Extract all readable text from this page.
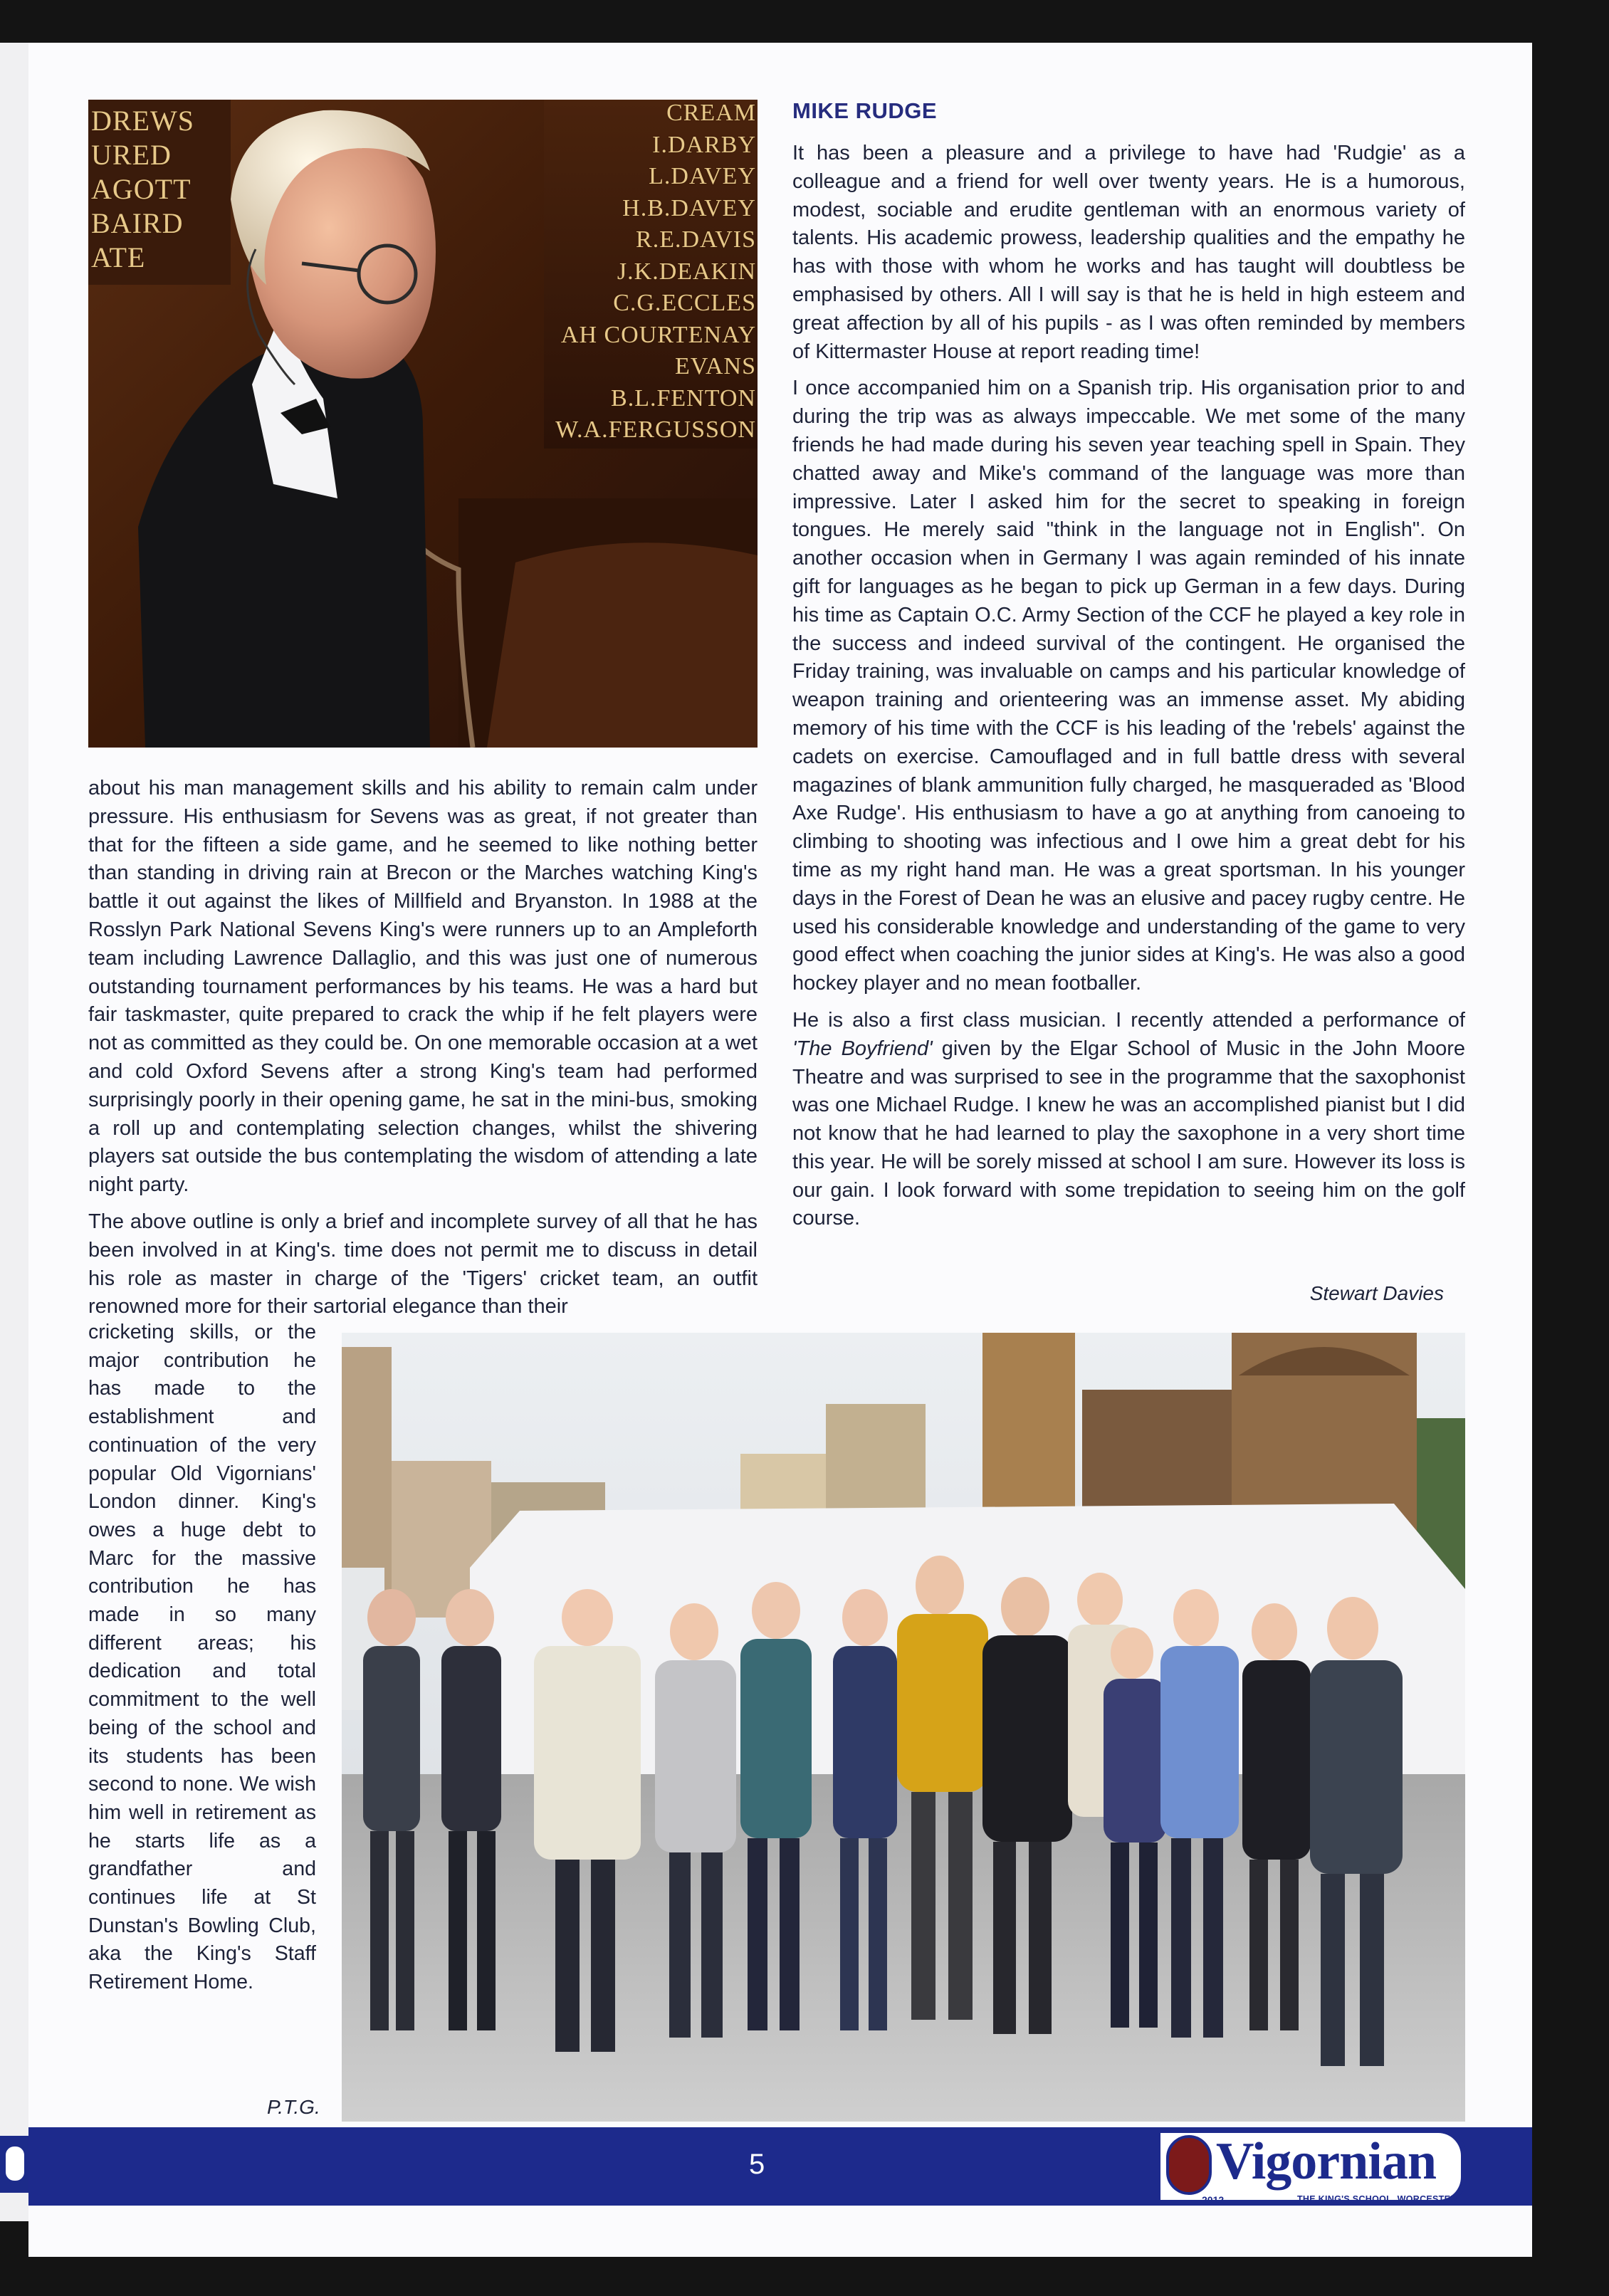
DREWS
URED
AGOTT
BAIRD
ATE
CREAM
I.DARBY
L.DAVEY
H.B.DAVEY
R.E.DAVIS
J.K.DEAKIN
C.G.ECCLES
AH COURTENAY
EVANS
B.L.FENTON
W.A.FERGUSSON
MIKE RUDGE

It has been a pleasure and a privilege to have had 'Rudgie' as a colleague and a friend for well over twenty years. He is a humorous, modest, sociable and erudite gentleman with an enormous variety of talents. His academic prowess, leadership qualities and the empathy he has with those with whom he works and has taught will doubtless be emphasised by others. All I will say is that he is held in high esteem and great affection by all of his pupils - as I was often reminded by members of Kittermaster House at report reading time!

I once accompanied him on a Spanish trip. His organisation prior to and during the trip was as always impeccable. We met some of the many friends he had made during his seven year teaching spell in Spain. They chatted away and Mike's command of the language was more than impressive. Later I asked him for the secret to speaking in foreign tongues. He merely said "think in the language not in English". On another occasion when in Germany I was again reminded of his innate gift for languages as he began to pick up German in a few days. During his time as Captain O.C. Army Section of the CCF he played a key role in the success and indeed survival of the contingent. He organised the Friday training, was invaluable on camps and his particular knowledge of weapon training and orienteering was an immense asset. My abiding memory of his time with the CCF is his leading of the 'rebels' against the cadets on exercise. Camouflaged and in full battle dress with several magazines of blank ammunition fully charged, he masqueraded as 'Blood Axe Rudge'. His enthusiasm to have a go at anything from canoeing to climbing to shooting was infectious and I owe him a great debt for his time as my right hand man. He was a great sportsman. In his younger days in the Forest of Dean he was an elusive and pacey rugby centre. He used his considerable knowledge and understanding of the game to very good effect when coaching the junior sides at King's. He was also a good hockey player and no mean footballer.

He is also a first class musician. I recently attended a performance of 'The Boyfriend' given by the Elgar School of Music in the John Moore Theatre and was surprised to see in the programme that the saxophonist was one Michael Rudge. I knew he was an accomplished pianist but I did not know that he had learned to play the saxophone in a very short time this year. He will be sorely missed at school I am sure. However its loss is our gain. I look forward with some trepidation to seeing him on the golf course.

Stewart Davies

about his man management skills and his ability to remain calm under pressure. His enthusiasm for Sevens was as great, if not greater than that for the fifteen a side game, and he seemed to like nothing better than standing in driving rain at Brecon or the Marches watching King's battle it out against the likes of Millfield and Bryanston. In 1988 at the Rosslyn Park National Sevens King's were runners up to an Ampleforth team including Lawrence Dallaglio, and this was just one of numerous outstanding tournament performances by his teams. He was a hard but fair taskmaster, quite prepared to crack the whip if he felt players were not as committed as they could be. On one memorable occasion at a wet and cold Oxford Sevens after a strong King's team had performed surprisingly poorly in their opening game, he sat in the mini-bus, smoking a roll up and contemplating selection changes, whilst the shivering players sat outside the bus contemplating the wisdom of attending a late night party.

The above outline is only a brief and incomplete survey of all that he has been involved in at King's. time does not permit me to discuss in detail his role as master in charge of the 'Tigers' cricket team, an outfit renowned more for their sartorial elegance than their

cricketing skills, or the major contribution he has made to the establishment and continuation of the very popular Old Vigornians' London dinner. King's owes a huge debt to Marc for the massive contribution he has made in so many different areas; his dedication and total commitment to the well being of the school and its students has been second to none. We wish him well in retirement as he starts life as a grandfather and continues life at St Dunstan's Bowling Club, aka the King's Staff Retirement Home.

P.T.G.
5	Vigornian
2012	THE KING'S SCHOOL, WORCESTER
